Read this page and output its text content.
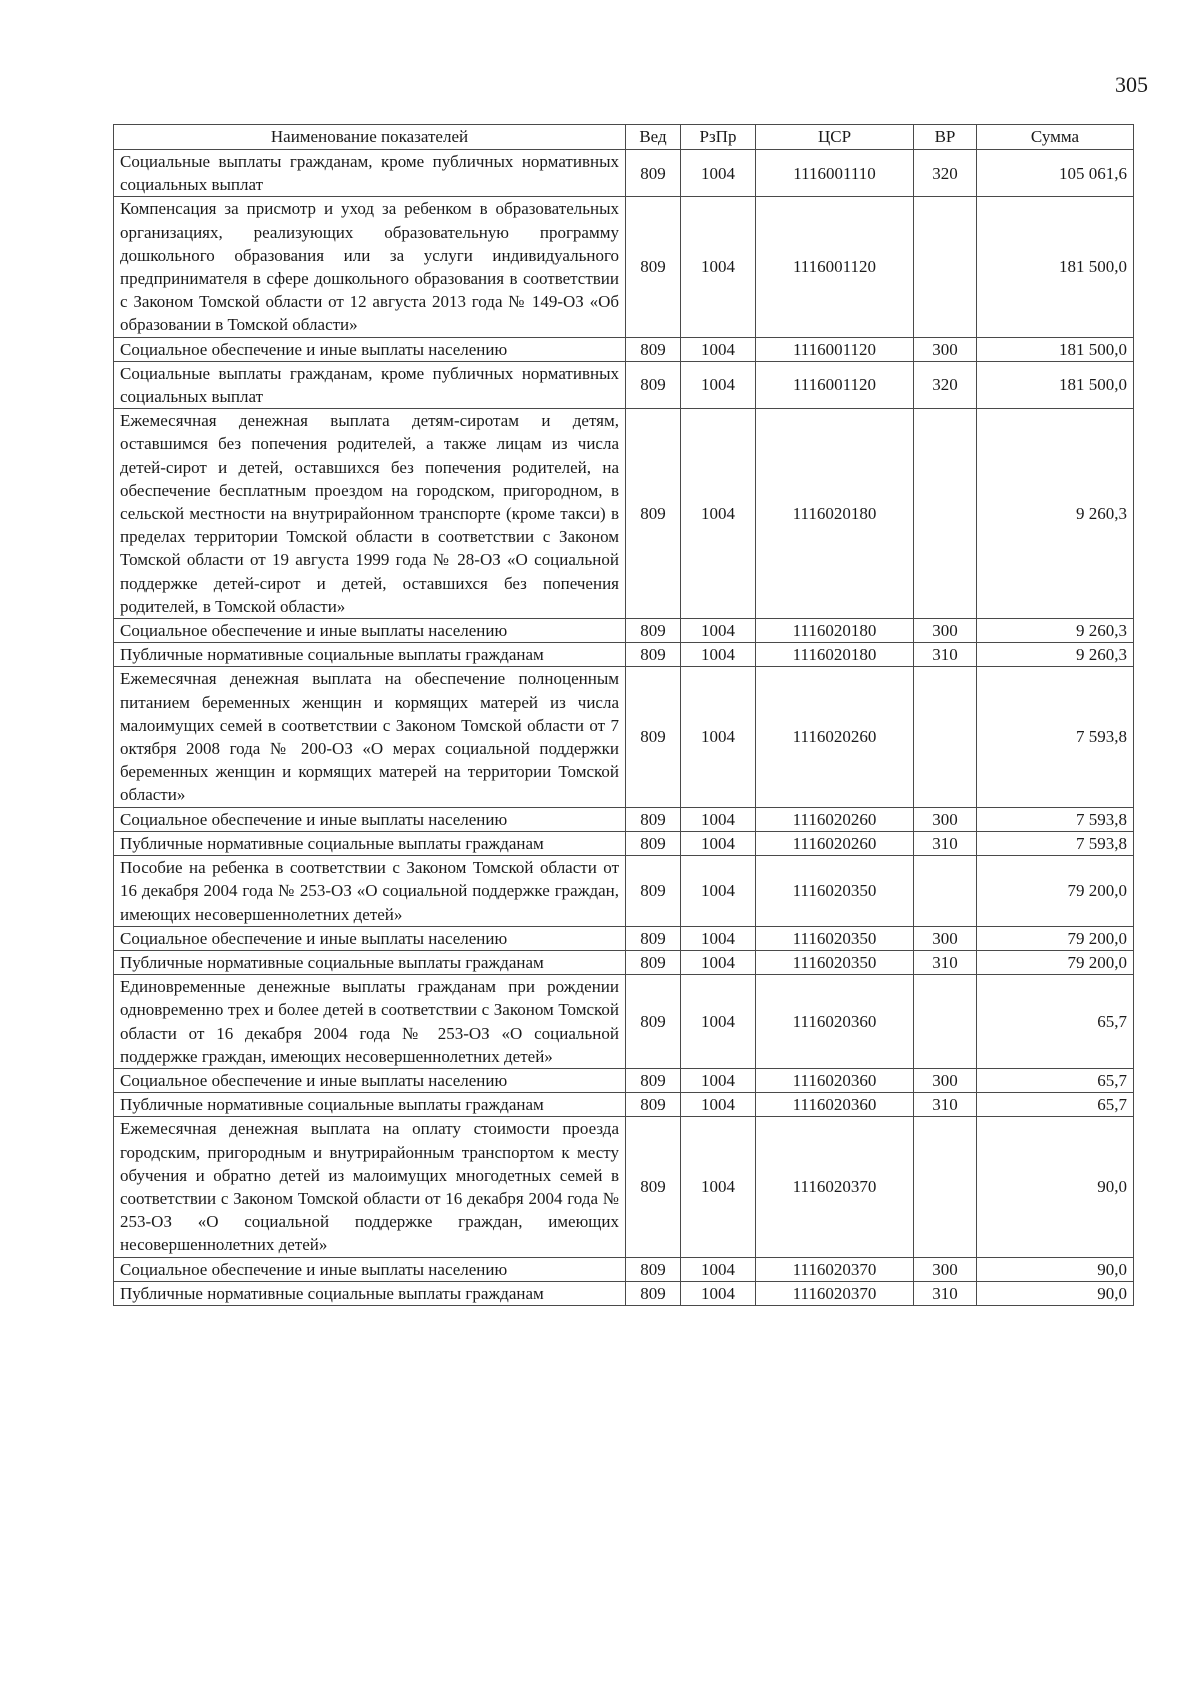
305
Наименование показателей	Вед	РзПр	ЦСР	ВР	Сумма
Социальные выплаты гражданам, кроме публичных нормативных социальных выплат	809	1004	1116001110	320	105 061,6
Компенсация за присмотр и уход за ребенком в образовательных организациях, реализующих образовательную программу дошкольного образования или за услуги индивидуального предпринимателя в сфере дошкольного образования в соответствии с Законом Томской области от 12 августа 2013 года № 149-ОЗ «Об образовании в Томской области»	809	1004	1116001120		181 500,0
Социальное обеспечение и иные выплаты населению	809	1004	1116001120	300	181 500,0
Социальные выплаты гражданам, кроме публичных нормативных социальных выплат	809	1004	1116001120	320	181 500,0
Ежемесячная денежная выплата детям-сиротам и детям, оставшимся без попечения родителей, а также лицам из числа детей-сирот и детей, оставшихся без попечения родителей, на обеспечение бесплатным проездом на городском, пригородном, в сельской местности на внутрирайонном транспорте (кроме такси) в пределах территории Томской области в соответствии с Законом Томской области от 19 августа 1999 года № 28-ОЗ «О социальной поддержке детей-сирот и детей, оставшихся без попечения родителей, в Томской области»	809	1004	1116020180		9 260,3
Социальное обеспечение и иные выплаты населению	809	1004	1116020180	300	9 260,3
Публичные нормативные социальные выплаты гражданам	809	1004	1116020180	310	9 260,3
Ежемесячная денежная выплата на обеспечение полноценным питанием беременных женщин и кормящих матерей из числа малоимущих семей в соответствии с Законом Томской области от 7 октября 2008 года № 200-ОЗ «О мерах социальной поддержки беременных женщин и кормящих матерей на территории Томской области»	809	1004	1116020260		7 593,8
Социальное обеспечение и иные выплаты населению	809	1004	1116020260	300	7 593,8
Публичные нормативные социальные выплаты гражданам	809	1004	1116020260	310	7 593,8
Пособие на ребенка в соответствии с Законом Томской области от 16 декабря 2004 года № 253-ОЗ «О социальной поддержке граждан, имеющих несовершеннолетних детей»	809	1004	1116020350		79 200,0
Социальное обеспечение и иные выплаты населению	809	1004	1116020350	300	79 200,0
Публичные нормативные социальные выплаты гражданам	809	1004	1116020350	310	79 200,0
Единовременные денежные выплаты гражданам при рождении одновременно трех и более детей в соответствии с Законом Томской области от 16 декабря 2004 года № 253-ОЗ «О социальной поддержке граждан, имеющих несовершеннолетних детей»	809	1004	1116020360		65,7
Социальное обеспечение и иные выплаты населению	809	1004	1116020360	300	65,7
Публичные нормативные социальные выплаты гражданам	809	1004	1116020360	310	65,7
Ежемесячная денежная выплата на оплату стоимости проезда городским, пригородным и внутрирайонным транспортом к месту обучения и обратно детей из малоимущих многодетных семей в соответствии с Законом Томской области от 16 декабря 2004 года № 253-ОЗ «О социальной поддержке граждан, имеющих несовершеннолетних детей»	809	1004	1116020370		90,0
Социальное обеспечение и иные выплаты населению	809	1004	1116020370	300	90,0
Публичные нормативные социальные выплаты гражданам	809	1004	1116020370	310	90,0
